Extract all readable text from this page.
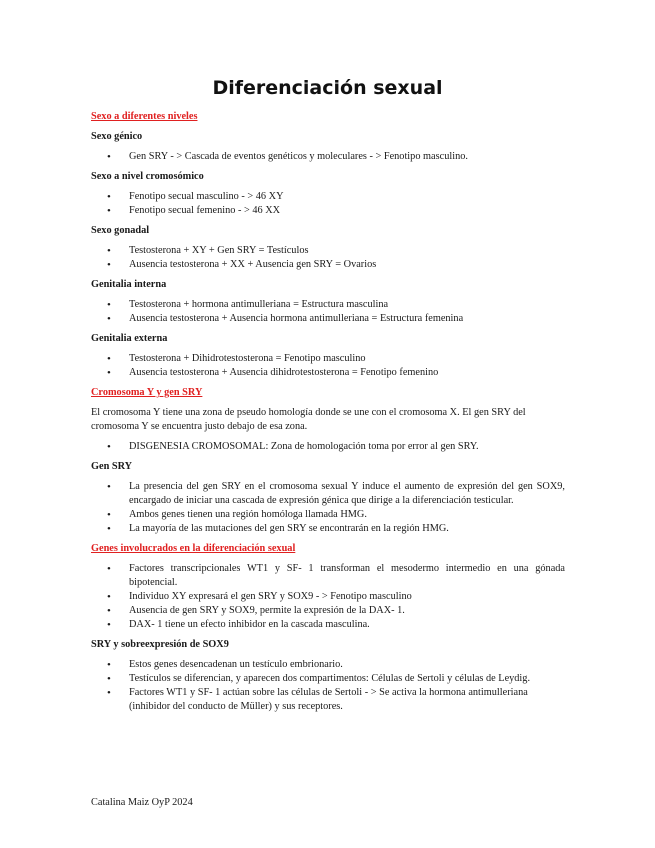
Diferenciación sexual
Sexo a diferentes niveles
Sexo génico
• Gen SRY - > Cascada de eventos genéticos y moleculares - > Fenotipo masculino.
Sexo a nivel cromosómico
• Fenotipo secual masculino - > 46 XY
• Fenotipo secual femenino - > 46 XX
Sexo gonadal
• Testosterona + XY + Gen SRY = Testículos
• Ausencia testosterona + XX + Ausencia gen SRY = Ovarios
Genitalia interna
• Testosterona + hormona antimulleriana = Estructura masculina
• Ausencia testosterona + Ausencia hormona antimulleriana = Estructura femenina
Genitalia externa
• Testosterona + Dihidrotestosterona = Fenotipo masculino
• Ausencia testosterona + Ausencia dihidrotestosterona = Fenotipo femenino
Cromosoma Y y gen SRY

El cromosoma Y tiene una zona de pseudo homología donde se une con el cromosoma X. El gen SRY del cromosoma Y se encuentra justo debajo de esa zona.

• DISGENESIA CROMOSOMAL: Zona de homologación toma por error al gen SRY.
Gen SRY
• La presencia del gen SRY en el cromosoma sexual Y induce el aumento de expresión del gen SOX9, encargado de iniciar una cascada de expresión génica que dirige a la diferenciación testicular.
• Ambos genes tienen una región homóloga llamada HMG.
• La mayoría de las mutaciones del gen SRY se encontrarán en la región HMG.
Genes involucrados en la diferenciación sexual
• Factores transcripcionales WT1 y SF- 1 transforman el mesodermo intermedio en una gónada bipotencial.
• Individuo XY expresará el gen SRY y SOX9 - > Fenotipo masculino
• Ausencia de gen SRY y SOX9, permite la expresión de la DAX- 1.
• DAX- 1 tiene un efecto inhibidor en la cascada masculina.
SRY y sobreexpresión de SOX9
• Estos genes desencadenan un testículo embrionario.
• Testículos se diferencian, y aparecen dos compartimentos: Células de Sertoli y células de Leydig.
• Factores WT1 y SF- 1 actúan sobre las células de Sertoli - > Se activa la hormona antimulleriana (inhibidor del conducto de Müller) y sus receptores.
Catalina Maiz OyP 2024
